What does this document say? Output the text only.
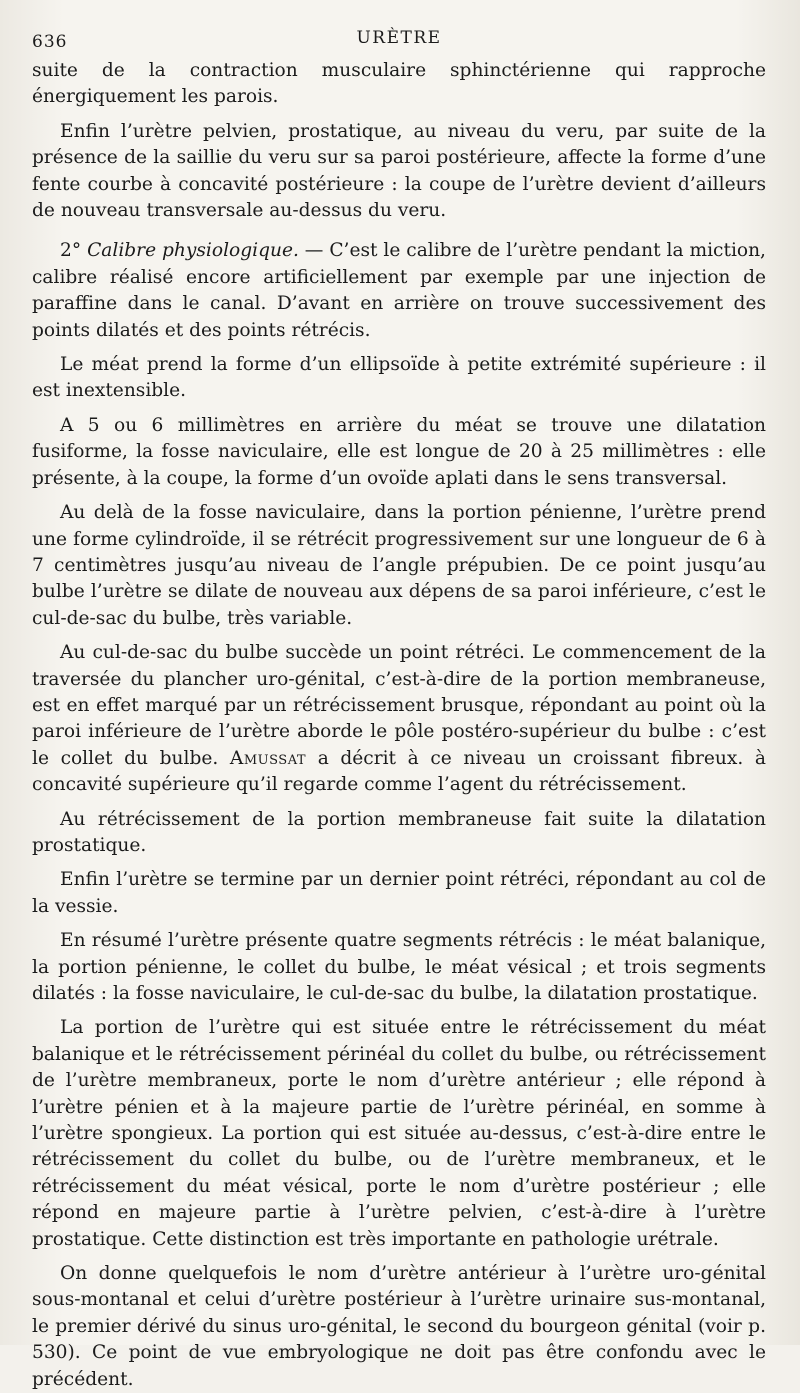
636	URÈTRE

suite de la contraction musculaire sphinctérienne qui rapproche énergiquement les parois.

Enfin l’urètre pelvien, prostatique, au niveau du veru, par suite de la présence de la saillie du veru sur sa paroi postérieure, affecte la forme d’une fente courbe à concavité postérieure : la coupe de l’urètre devient d’ailleurs de nouveau transversale au-dessus du veru.

2° Calibre physiologique. — C’est le calibre de l’urètre pendant la miction, calibre réalisé encore artificiellement par exemple par une injection de paraffine dans le canal. D’avant en arrière on trouve successivement des points dilatés et des points rétrécis.

Le méat prend la forme d’un ellipsoïde à petite extrémité supérieure : il est inextensible.

A 5 ou 6 millimètres en arrière du méat se trouve une dilatation fusiforme, la fosse naviculaire, elle est longue de 20 à 25 millimètres : elle présente, à la coupe, la forme d’un ovoïde aplati dans le sens transversal.

Au delà de la fosse naviculaire, dans la portion pénienne, l’urètre prend une forme cylindroïde, il se rétrécit progressivement sur une longueur de 6 à 7 centimètres jusqu’au niveau de l’angle prépubien. De ce point jusqu’au bulbe l’urètre se dilate de nouveau aux dépens de sa paroi inférieure, c’est le cul-de-sac du bulbe, très variable.

Au cul-de-sac du bulbe succède un point rétréci. Le commencement de la traversée du plancher uro-génital, c’est-à-dire de la portion membraneuse, est en effet marqué par un rétrécissement brusque, répondant au point où la paroi inférieure de l’urètre aborde le pôle postéro-supérieur du bulbe : c’est le collet du bulbe. Amussat a décrit à ce niveau un croissant fibreux. à concavité supérieure qu’il regarde comme l’agent du rétrécissement.

Au rétrécissement de la portion membraneuse fait suite la dilatation prostatique.

Enfin l’urètre se termine par un dernier point rétréci, répondant au col de la vessie.

En résumé l’urètre présente quatre segments rétrécis : le méat balanique, la portion pénienne, le collet du bulbe, le méat vésical ; et trois segments dilatés : la fosse naviculaire, le cul-de-sac du bulbe, la dilatation prostatique.

La portion de l’urètre qui est située entre le rétrécissement du méat balanique et le rétrécissement périnéal du collet du bulbe, ou rétrécissement de l’urètre membraneux, porte le nom d’urètre antérieur ; elle répond à l’urètre pénien et à la majeure partie de l’urètre périnéal, en somme à l’urètre spongieux. La portion qui est située au-dessus, c’est-à-dire entre le rétrécissement du collet du bulbe, ou de l’urètre membraneux, et le rétrécissement du méat vésical, porte le nom d’urètre postérieur ; elle répond en majeure partie à l’urètre pelvien, c’est-à-dire à l’urètre prostatique. Cette distinction est très importante en pathologie urétrale.

On donne quelquefois le nom d’urètre antérieur à l’urètre uro-génital sous-montanal et celui d’urètre postérieur à l’urètre urinaire sus-montanal, le premier dérivé du sinus uro-génital, le second du bourgeon génital (voir p. 530). Ce point de vue embryologique ne doit pas être confondu avec le précédent.
